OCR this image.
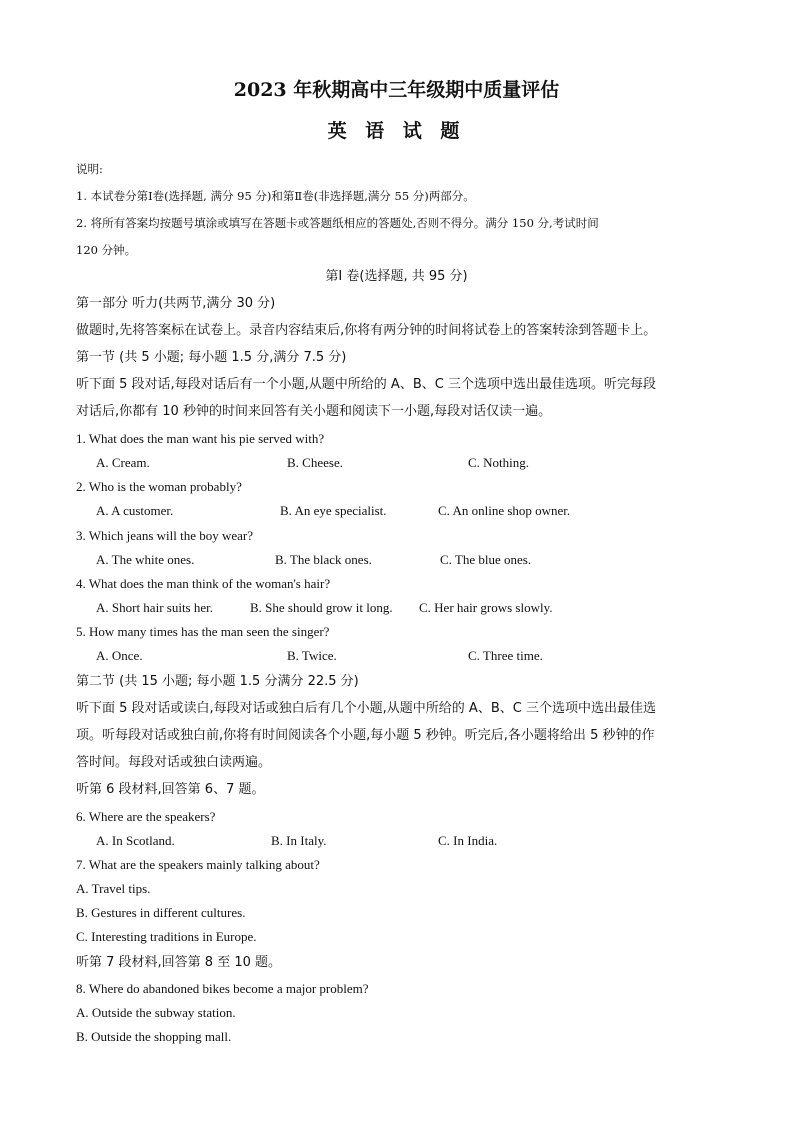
2023 年秋期高中三年级期中质量评估
英 语 试 题
说明:
1. 本试卷分第Ⅰ卷(选择题, 满分 95 分)和第Ⅱ卷(非选择题,满分 55 分)两部分。
2. 将所有答案均按题号填涂或填写在答题卡或答题纸相应的答题处,否则不得分。满分 150 分,考试时间
120 分钟。
第Ⅰ 卷(选择题, 共 95 分)
第一部分 听力(共两节,满分 30 分)
做题时,先将答案标在试卷上。录音内容结束后,你将有两分钟的时间将试卷上的答案转涂到答题卡上。
第一节 (共 5 小题; 每小题 1.5 分,满分 7.5 分)
听下面 5 段对话,每段对话后有一个小题,从题中所给的 A、B、C 三个选项中选出最佳选项。听完每段
对话后,你都有 10 秒钟的时间来回答有关小题和阅读下一小题,每段对话仅读一遍。
1. What does the man want his pie served with?
A. Cream.	B. Cheese.	C. Nothing.
2. Who is the woman probably?
A. A customer.	B. An eye specialist.	C. An online shop owner.
3. Which jeans will the boy wear?
A. The white ones.	B. The black ones.	C. The blue ones.
4. What does the man think of the woman's hair?
A. Short hair suits her.	B. She should grow it long. C. Her hair grows slowly.
5. How many times has the man seen the singer?
A. Once.	B. Twice.	C. Three time.
第二节 (共 15 小题; 每小题 1.5 分满分 22.5 分)
听下面 5 段对话或读白,每段对话或独白后有几个小题,从题中所给的 A、B、C 三个选项中选出最佳选
项。听每段对话或独白前,你将有时间阅读各个小题,每小题 5 秒钟。听完后,各小题将给出 5 秒钟的作
答时间。每段对话或独白读两遍。
听第 6 段材料,回答第 6、7 题。
6. Where are the speakers?
A. In Scotland.	B. In Italy.	C. In India.
7. What are the speakers mainly talking about?
A. Travel tips.
B. Gestures in different cultures.
C. Interesting traditions in Europe.
听第 7 段材料,回答第 8 至 10 题。
8. Where do abandoned bikes become a major problem?
A. Outside the subway station.
B. Outside the shopping mall.
